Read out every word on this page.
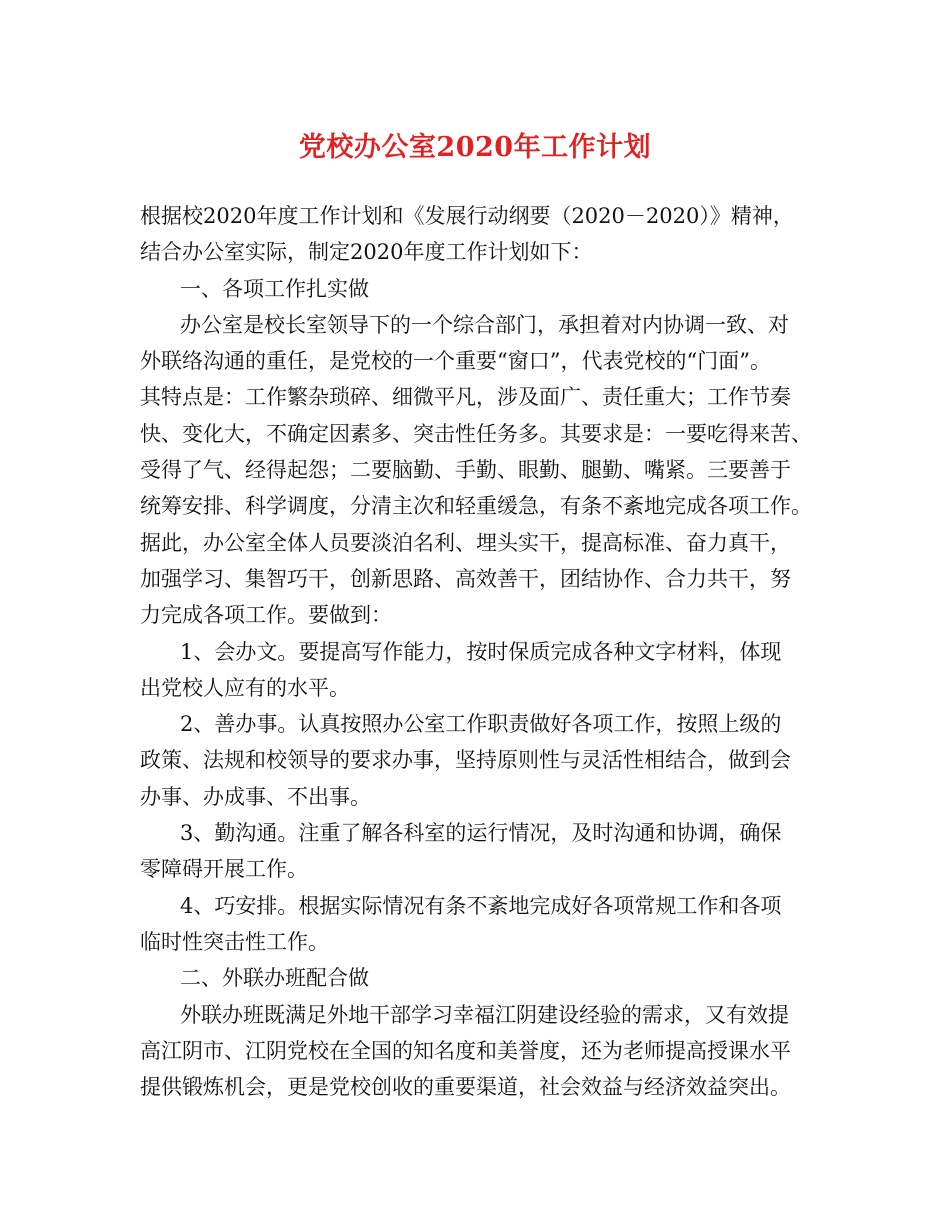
党校办公室2020年工作计划
根据校2020年度工作计划和《发展行动纲要（2020－2020）》精神，
结合办公室实际，制定2020年度工作计划如下：
一、各项工作扎实做
办公室是校长室领导下的一个综合部门，承担着对内协调一致、对
外联络沟通的重任，是党校的一个重要“窗口”，代表党校的“门面”。
其特点是：工作繁杂琐碎、细微平凡，涉及面广、责任重大；工作节奏
快、变化大，不确定因素多、突击性任务多。其要求是：一要吃得来苦、
受得了气、经得起怨；二要脑勤、手勤、眼勤、腿勤、嘴紧。三要善于
统筹安排、科学调度，分清主次和轻重缓急，有条不紊地完成各项工作。
据此，办公室全体人员要淡泊名利、埋头实干，提高标准、奋力真干，
加强学习、集智巧干，创新思路、高效善干，团结协作、合力共干，努
力完成各项工作。要做到：
1、会办文。要提高写作能力，按时保质完成各种文字材料，体现
出党校人应有的水平。
2、善办事。认真按照办公室工作职责做好各项工作，按照上级的
政策、法规和校领导的要求办事，坚持原则性与灵活性相结合，做到会
办事、办成事、不出事。
3、勤沟通。注重了解各科室的运行情况，及时沟通和协调，确保
零障碍开展工作。
4、巧安排。根据实际情况有条不紊地完成好各项常规工作和各项
临时性突击性工作。
二、外联办班配合做
外联办班既满足外地干部学习幸福江阴建设经验的需求，又有效提
高江阴市、江阴党校在全国的知名度和美誉度，还为老师提高授课水平
提供锻炼机会，更是党校创收的重要渠道，社会效益与经济效益突出。
